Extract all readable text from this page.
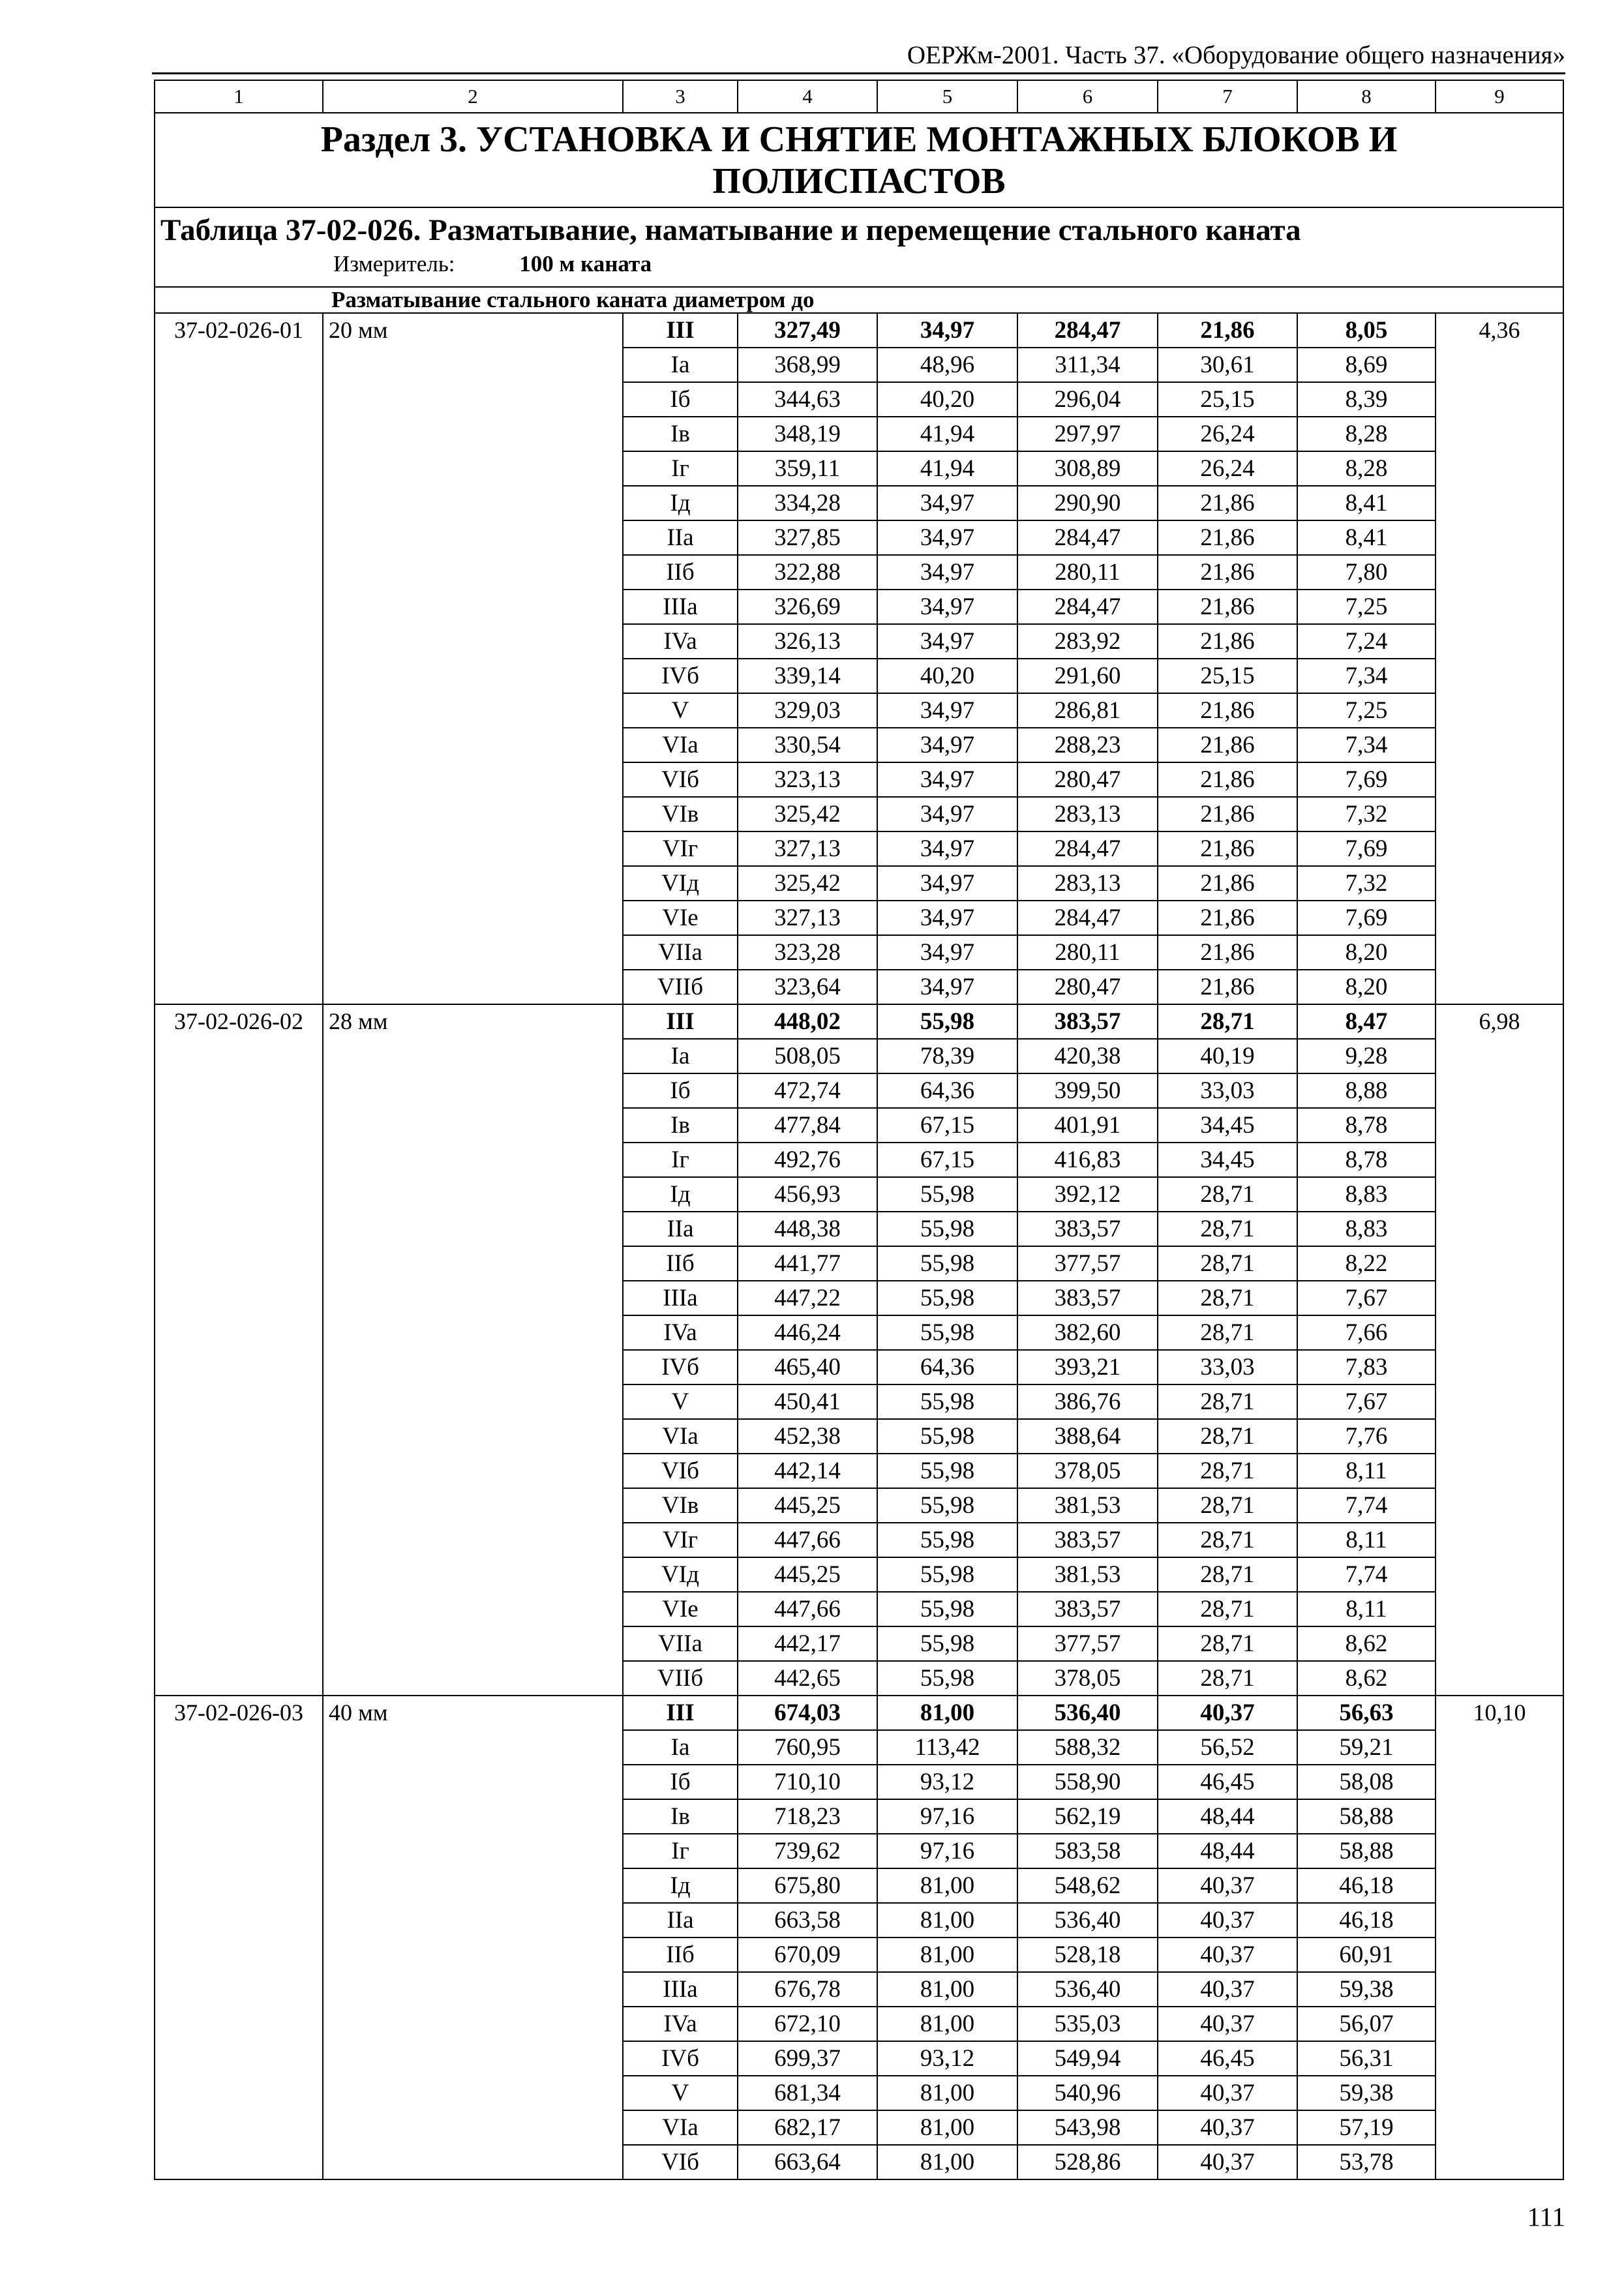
ОЕРЖм-2001. Часть 37. «Оборудование общего назначения»
1	2	3	4	5	6	7	8	9

Раздел 3. УСТАНОВКА И СНЯТИЕ МОНТАЖНЫХ БЛОКОВ И
ПОЛИСПАСТОВ								

Таблица 37-02-026. Разматывание, наматывание и перемещение стального каната
Измеритель: 100 м каната								

Разматывание стального каната диаметром до								
37-02-026-01	20 мм	III	327,49	34,97	284,47	21,86	8,05	4,36
		Ia	368,99	48,96	311,34	30,61	8,69	
		Iб	344,63	40,20	296,04	25,15	8,39	
		Iв	348,19	41,94	297,97	26,24	8,28	
		Iг	359,11	41,94	308,89	26,24	8,28	
		Iд	334,28	34,97	290,90	21,86	8,41	
		IIa	327,85	34,97	284,47	21,86	8,41	
		IIб	322,88	34,97	280,11	21,86	7,80	
		IIIa	326,69	34,97	284,47	21,86	7,25	
		IVa	326,13	34,97	283,92	21,86	7,24	
		IVб	339,14	40,20	291,60	25,15	7,34	
		V	329,03	34,97	286,81	21,86	7,25	
		VIa	330,54	34,97	288,23	21,86	7,34	
		VIб	323,13	34,97	280,47	21,86	7,69	
		VIв	325,42	34,97	283,13	21,86	7,32	
		VIг	327,13	34,97	284,47	21,86	7,69	
		VIд	325,42	34,97	283,13	21,86	7,32	
		VIe	327,13	34,97	284,47	21,86	7,69	
		VIIa	323,28	34,97	280,11	21,86	8,20	
		VIIб	323,64	34,97	280,47	21,86	8,20	
37-02-026-02	28 мм	III	448,02	55,98	383,57	28,71	8,47	6,98
		Ia	508,05	78,39	420,38	40,19	9,28	
		Iб	472,74	64,36	399,50	33,03	8,88	
		Iв	477,84	67,15	401,91	34,45	8,78	
		Iг	492,76	67,15	416,83	34,45	8,78	
		Iд	456,93	55,98	392,12	28,71	8,83	
		IIa	448,38	55,98	383,57	28,71	8,83	
		IIб	441,77	55,98	377,57	28,71	8,22	
		IIIa	447,22	55,98	383,57	28,71	7,67	
		IVa	446,24	55,98	382,60	28,71	7,66	
		IVб	465,40	64,36	393,21	33,03	7,83	
		V	450,41	55,98	386,76	28,71	7,67	
		VIa	452,38	55,98	388,64	28,71	7,76	
		VIб	442,14	55,98	378,05	28,71	8,11	
		VIв	445,25	55,98	381,53	28,71	7,74	
		VIг	447,66	55,98	383,57	28,71	8,11	
		VIд	445,25	55,98	381,53	28,71	7,74	
		VIe	447,66	55,98	383,57	28,71	8,11	
		VIIa	442,17	55,98	377,57	28,71	8,62	
		VIIб	442,65	55,98	378,05	28,71	8,62	
37-02-026-03	40 мм	III	674,03	81,00	536,40	40,37	56,63	10,10
		Ia	760,95	113,42	588,32	56,52	59,21	
		Iб	710,10	93,12	558,90	46,45	58,08	
		Iв	718,23	97,16	562,19	48,44	58,88	
		Iг	739,62	97,16	583,58	48,44	58,88	
		Iд	675,80	81,00	548,62	40,37	46,18	
		IIa	663,58	81,00	536,40	40,37	46,18	
		IIб	670,09	81,00	528,18	40,37	60,91	
		IIIa	676,78	81,00	536,40	40,37	59,38	
		IVa	672,10	81,00	535,03	40,37	56,07	
		IVб	699,37	93,12	549,94	46,45	56,31	
		V	681,34	81,00	540,96	40,37	59,38	
		VIa	682,17	81,00	543,98	40,37	57,19	
		VIб	663,64	81,00	528,86	40,37	53,78	
111
